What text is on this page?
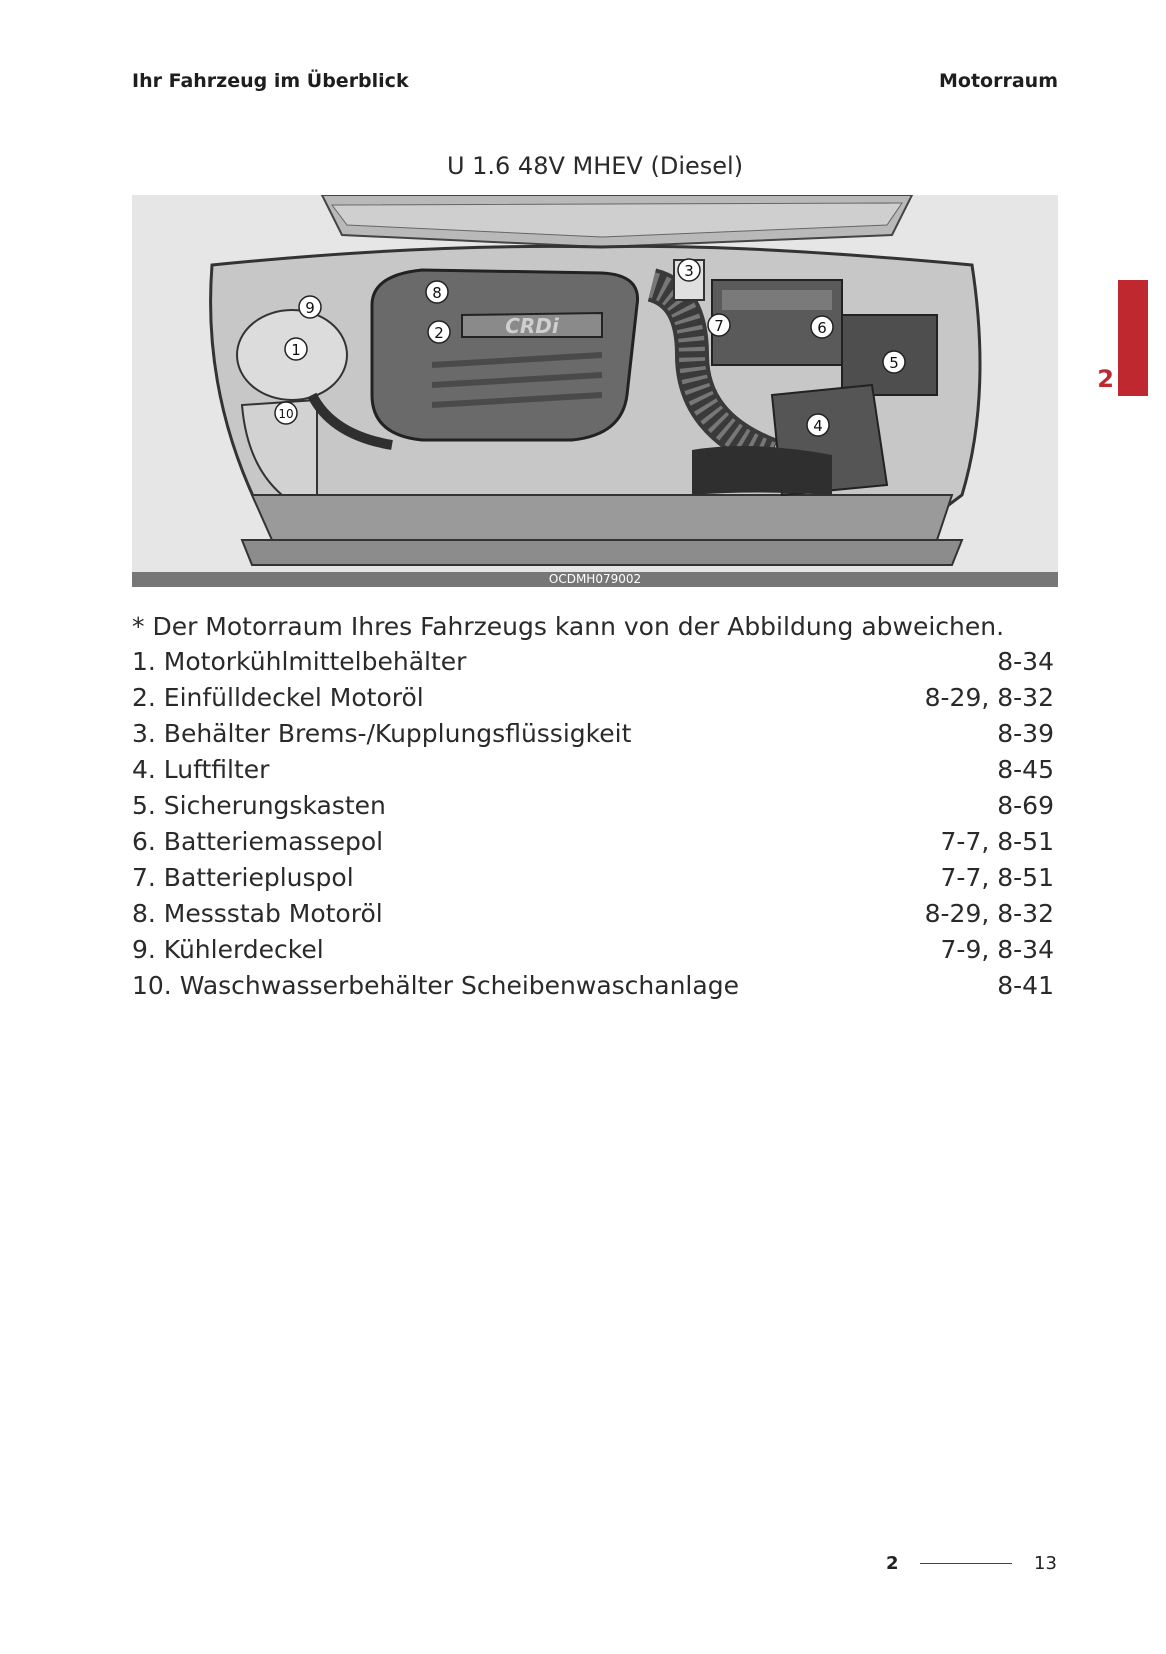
Ihr Fahrzeug im Überblick	Motorraum
2
U 1.6 48V MHEV (Diesel)
CRDi
1
2
3
4
5
6
7
8
9
10
OCDMH079002
* Der Motorraum Ihres Fahrzeugs kann von der Abbildung abweichen.
1. Motorkühlmittelbehälter	8-34
2. Einfülldeckel Motoröl	8-29, 8-32
3. Behälter Brems-/Kupplungsflüssigkeit	8-39
4. Luftfilter	8-45
5. Sicherungskasten	8-69
6. Batteriemassepol	7-7, 8-51
7. Batteriepluspol	7-7, 8-51
8. Messstab Motoröl	8-29, 8-32
9. Kühlerdeckel	7-9, 8-34
10. Waschwasserbehälter Scheibenwaschanlage	8-41
2	13
